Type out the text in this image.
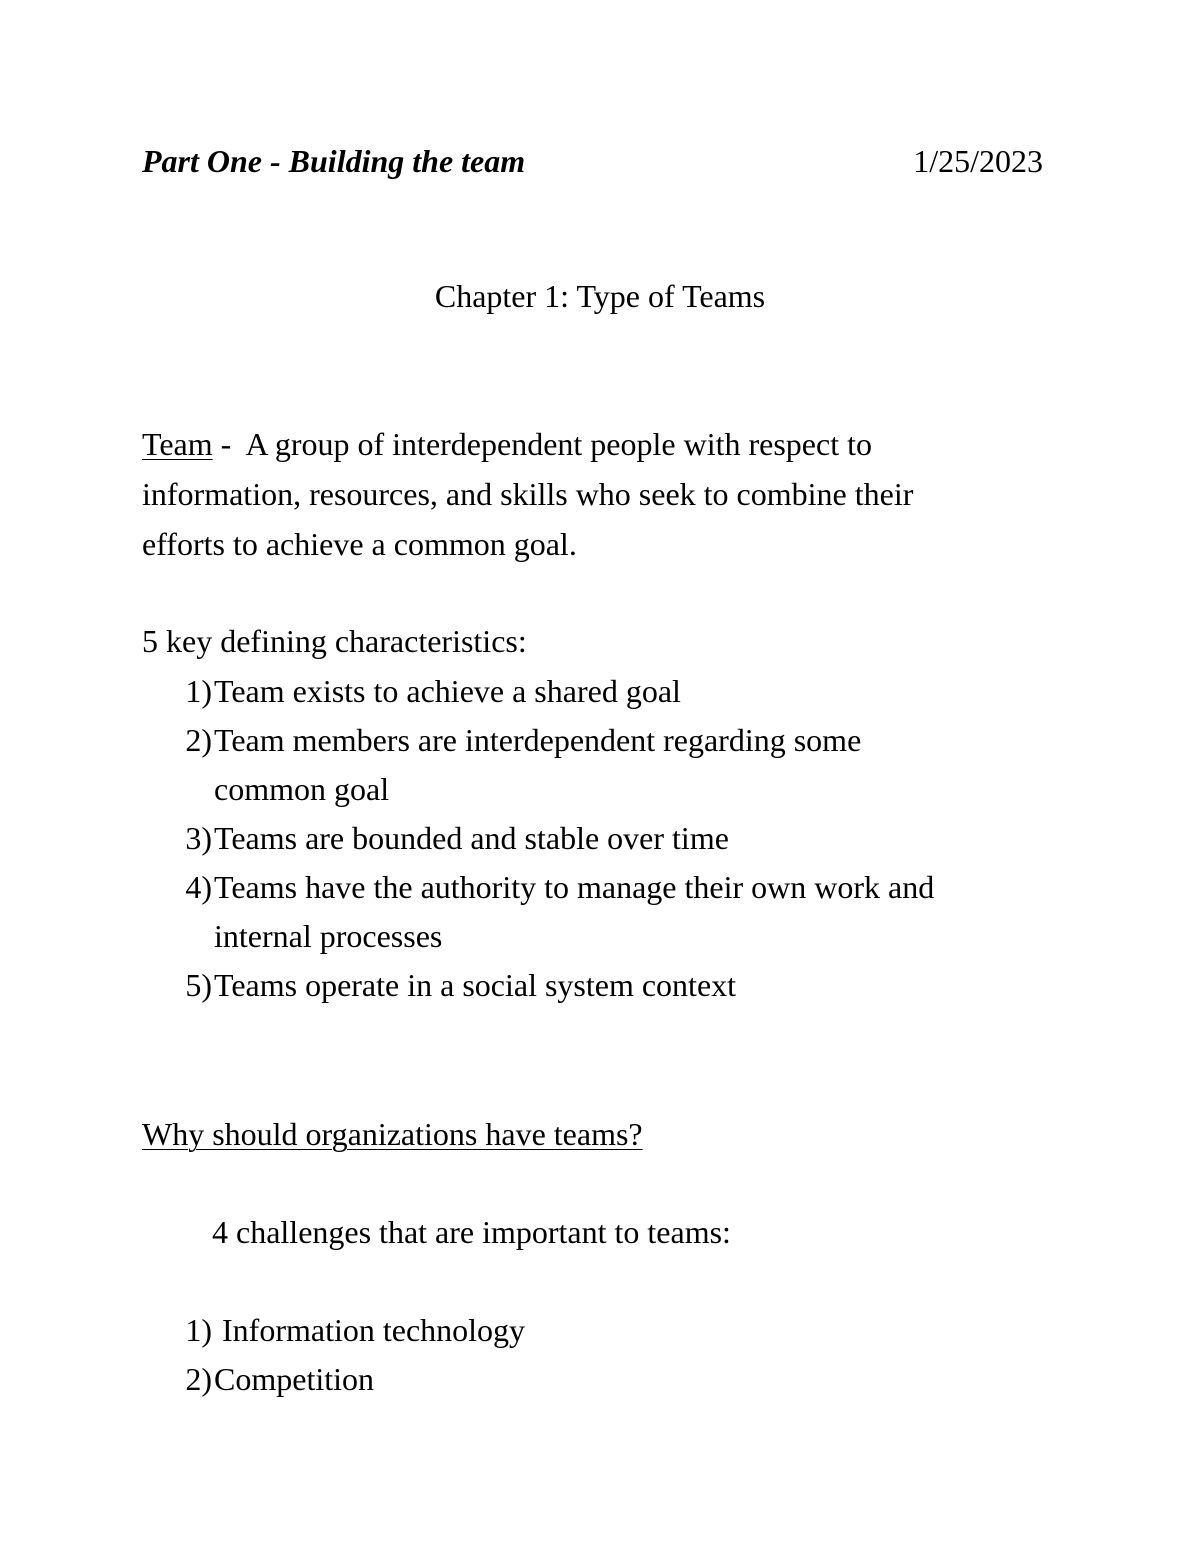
Part One - Building the team	1/25/2023
Chapter 1: Type of Teams
Team -  A group of interdependent people with respect to
information, resources, and skills who seek to combine their
efforts to achieve a common goal.
5 key defining characteristics:
1) Team exists to achieve a shared goal
2) Team members are interdependent regarding some
common goal
3) Teams are bounded and stable over time
4) Teams have the authority to manage their own work and
internal processes
5) Teams operate in a social system context
Why should organizations have teams?
4 challenges that are important to teams:
1) Information technology
2) Competition
